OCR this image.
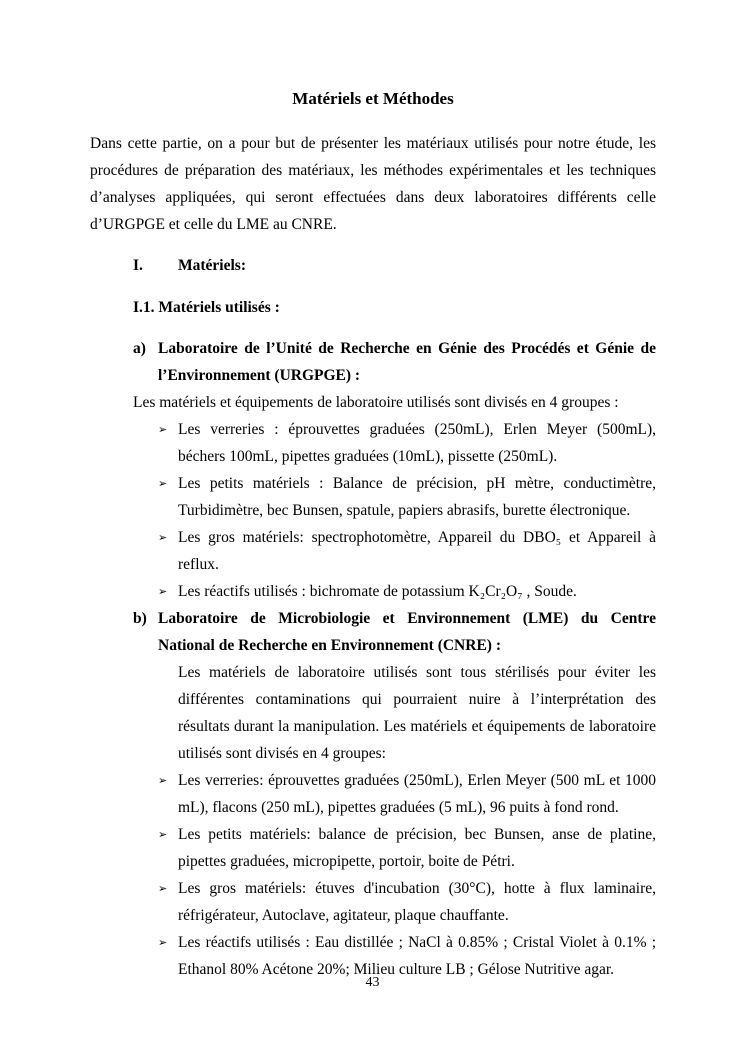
Matériels et Méthodes

Dans cette partie, on a pour but de présenter les matériaux utilisés pour notre étude, les procédures de préparation des matériaux, les méthodes expérimentales et les techniques d’analyses appliquées, qui seront effectuées dans deux laboratoires différents celle d’URGPGE et celle du LME au CNRE.

I.	Matériels:
I.1. Matériels utilisés :
a) Laboratoire de l’Unité de Recherche en Génie des Procédés et Génie de l’Environnement (URGPGE) :

Les matériels et équipements de laboratoire utilisés sont divisés en 4 groupes :

➢ Les verreries : éprouvettes graduées (250mL), Erlen Meyer (500mL), béchers 100mL, pipettes graduées (10mL), pissette (250mL).
➢ Les petits matériels : Balance de précision, pH mètre, conductimètre, Turbidimètre, bec Bunsen, spatule, papiers abrasifs, burette électronique.
➢ Les gros matériels: spectrophotomètre, Appareil du DBO₅ et Appareil à reflux.
➢ Les réactifs utilisés : bichromate de potassium K₂Cr₂O₇ , Soude.
b) Laboratoire de Microbiologie et Environnement (LME) du Centre National de Recherche en Environnement (CNRE) :

Les matériels de laboratoire utilisés sont tous stérilisés pour éviter les différentes contaminations qui pourraient nuire à l’interprétation des résultats durant la manipulation. Les matériels et équipements de laboratoire utilisés sont divisés en 4 groupes:

➢ Les verreries: éprouvettes graduées (250mL), Erlen Meyer (500 mL et 1000 mL), flacons (250 mL), pipettes graduées (5 mL), 96 puits à fond rond.
➢ Les petits matériels: balance de précision, bec Bunsen, anse de platine, pipettes graduées, micropipette, portoir, boite de Pétri.
➢ Les gros matériels: étuves d'incubation (30°C), hotte à flux laminaire, réfrigérateur, Autoclave, agitateur, plaque chauffante.
➢ Les réactifs utilisés : Eau distillée ; NaCl à 0.85% ; Cristal Violet à 0.1% ; Ethanol 80% Acétone 20%; Milieu culture LB ; Gélose Nutritive agar.
43
